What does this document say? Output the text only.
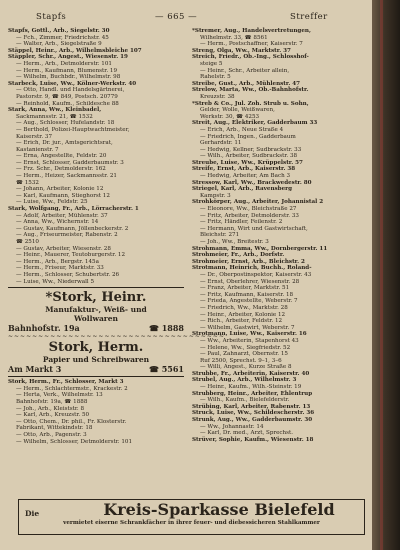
Stapfs	— 665 —	Streffer
Stapfs, Gottl., Arb., Siegelstr. 30
— Fch., Zimmer, Friedrichstr. 45
— Walter, Arb., Siegelstraße 9
Stäppel, Heinr., Arb., Wilhelmsbleiche 107
Stäppler, Schr., Angest., Wiesenstr. 19
— Herm., Arb., Detmolderstr. 101
— Herm., Kaufmann, Blumenstr. 19
— Wilhelm, Buchbdr., Wilhelmstr. 98
Starbeck, Luise, Ww., Kölner-Werkstr. 40
— Otto, Handl. und Handelsgärtnerei,
Pastorstr. 9, ☎ 849, Postsch. 20779
— Reinhold, Kaufm., Schildesche 88
Stark, Anna, Ww., Kleinbadel,
Sackmannsstr. 21, ☎ 1532
— Aug., Schlosser, Hufelandstr. 18
— Berthold, Polizei-Hauptwachtmeister,
Kaiserstr. 37
— Erich, Dr. jur., Amtsgerichtsrat,
Kastanienstr. 7
— Erna, Angestellte, Feldstr. 20
— Ernst, Schlosser, Gadderbaumstr. 3
— Frz. Schr., Detmolderstr. 162
— Herm., Heizer, Sackmannsstr. 21
☎ 1532
— Johann, Arbeiter, Kolonie 12
— Karl, Kaufmann, Stieghorst 12
— Luise, Ww., Feldstr. 25
Stark, Wolfgang, Fr., Arb., Lörracherstr. 1
— Adolf, Arbeiter, Mühlenstr. 37
— Anna, Ww., Wichernstr. 14
— Gustav, Kaufmann, Jöllenbeckerstr. 2
— Aug., Friseurmeister, Rabenstr. 2
☎ 2510
— Gustav, Arbeiter, Wiesenstr. 28
— Heinr., Mauerer, Teutoburgerstr. 12
— Herm., Arb., Bergstr. 145a
— Herm., Friseur, Marktstr. 33
— Herm., Schlosser, Schubertstr. 26
— Luise, Ww., Niederwall 5
*Stork, Heinr.
Manufaktur-, Weiß- und
Wollwaren
Bahnhofstr. 19a	☎ 1888
~~~~~~~~~~~~~~~~~~~~~~~~~~~~~~~~~~~~
Stork, Herm.
Papier und Schreibwaren
Am Markt 3	☎ 5561
Stork, Herm., Fr., Schlosser, Markt 3
— Herm., Schlachtermstr., Krackestr. 2
— Herta, Verk., Wilhelmstr. 13
Bahnhofstr. 19a, ☎ 1888
— Joh., Arb., Kleiststr. 8
— Karl, Arb., Kreuzstr. 50
— Otto, Chem., Dr. phil., Fr. Klosterstr.
Fabrikant, Wittekindstr. 18
— Otto, Arb., Pagenstr. 3
— Wilhelm, Schlosser, Detmolderstr. 101
*Stremer, Aug., Handelsvertretungen,
Wilhelmstr. 33, ☎ 8561
— Herm., Postschaffner, Kaiserstr. 7
Streng, Olga, Ww., Marktstr. 37
Streich, Friedr., Ob.-Ing., Schlosshof-
steige 5
— Heinr., Schr., Arbeiter allein,
Rahelstr. 5
Streibe, Gust., Arb., Mühlenstr. 47
Strelow, Marta, Ww., Ob.-Bahnhofstr.
Kreuzstr. 38
*Streb & Co., Jul. Zoh. Strub u. Sohn,
Gelder, Wolle, Weißwaren,
Werkstr. 30, ☎ 4253
Streit, Aug., Elektriker, Gadderbaum 33
— Erich, Arb., Neue Straße 4
— Friedrich, Ingen., Gadderbaum
Gerhardstr. 11
— Hedwig, Kellner, Sudbrackstr. 33
— Wilh., Arbeiter, Sudbrackstr. 38
Streube, Luise, Ww., Krüppelstr. 57
Streife, Ernst, Arb., Kaiserstr. 38
— Hedwig, Arbeiter, Am Bach 3
Stressow, Karl, Ww., Brackwedestr. 80
Striegel, Karl, Arb., Ravensberg
Kampstr. 3
Strohkörper, Aug., Arbeiter, Johannistal 2
— Eleonore, Ww., Bleichstraße 27
— Fritz, Arbeiter, Detmolderstr. 33
— Fritz, Händler, Feilenstr. 2
— Hermann, Wirt und Gastwirtschaft,
Bleichstr. 271
— Joh., Ww., Breitestr. 3
Strohmann, Emma, Ww., Dornbergerstr. 11
Strohmeier, Fr., Arb., Dorfstr.
Strohmeier, Ernst, Arb., Bleichstr. 2
Strotmann, Heinrich, Buchh., Roland-
— Dr., Oberpostinspektor, Kaiserstr. 43
— Ernst, Oberlehrer, Wiesenstr. 28
— Franz, Arbeiter, Marktstr. 51
— Fritz, Kaufmann, Kaiserstr. 18
— Frieda, Angestellte, Weberstr. 7
— Friedrich, Ww., Marktstr. 28
— Heinr., Arbeiter, Kolonie 12
— Rich., Arbeiter, Feldstr. 12
— Wilhelm, Gastwirt, Weberstr. 7
Strotmann, Luise, Ww., Kaiserstr. 16
— Ww., Arbeiterin, Stapenhorst 43
— Helene, Ww., Siegfriedstr. 52
— Paul, Zahnarzt, Obernstr. 15
Ruf 2500, Sprechst. 9–1, 3–6
— Willi, Angest., Kurze Straße 8
Strubbe, Fr., Arbeiterin, Kaiserstr. 40
Strubel, Aug., Arb., Wilhelmstr. 3
— Heinr., Kaufm., Wilh.-Steinstr. 19
Strubberg, Heinr., Arbeiter, Ehlentrup
— Wilh., Kaufm., Bielefelderstr.
Strübing, Karl, Arbeiter, Rabenstr. 13
Struck, Luise, Ww., Schildescherstr. 36
Strunk, Aug., Ww., Gadderbaumstr. 30
— Ww., Johannastr. 14
— Karl, Dr. med., Arzt, Sprechst.
Strüver, Sophie, Kaufm., Wiesenstr. 18
Die	Kreis-Sparkasse Bielefeld
vermietet eiserne Schrankfächer in ihrer feuer- und diebessicheren Stahlkammer
